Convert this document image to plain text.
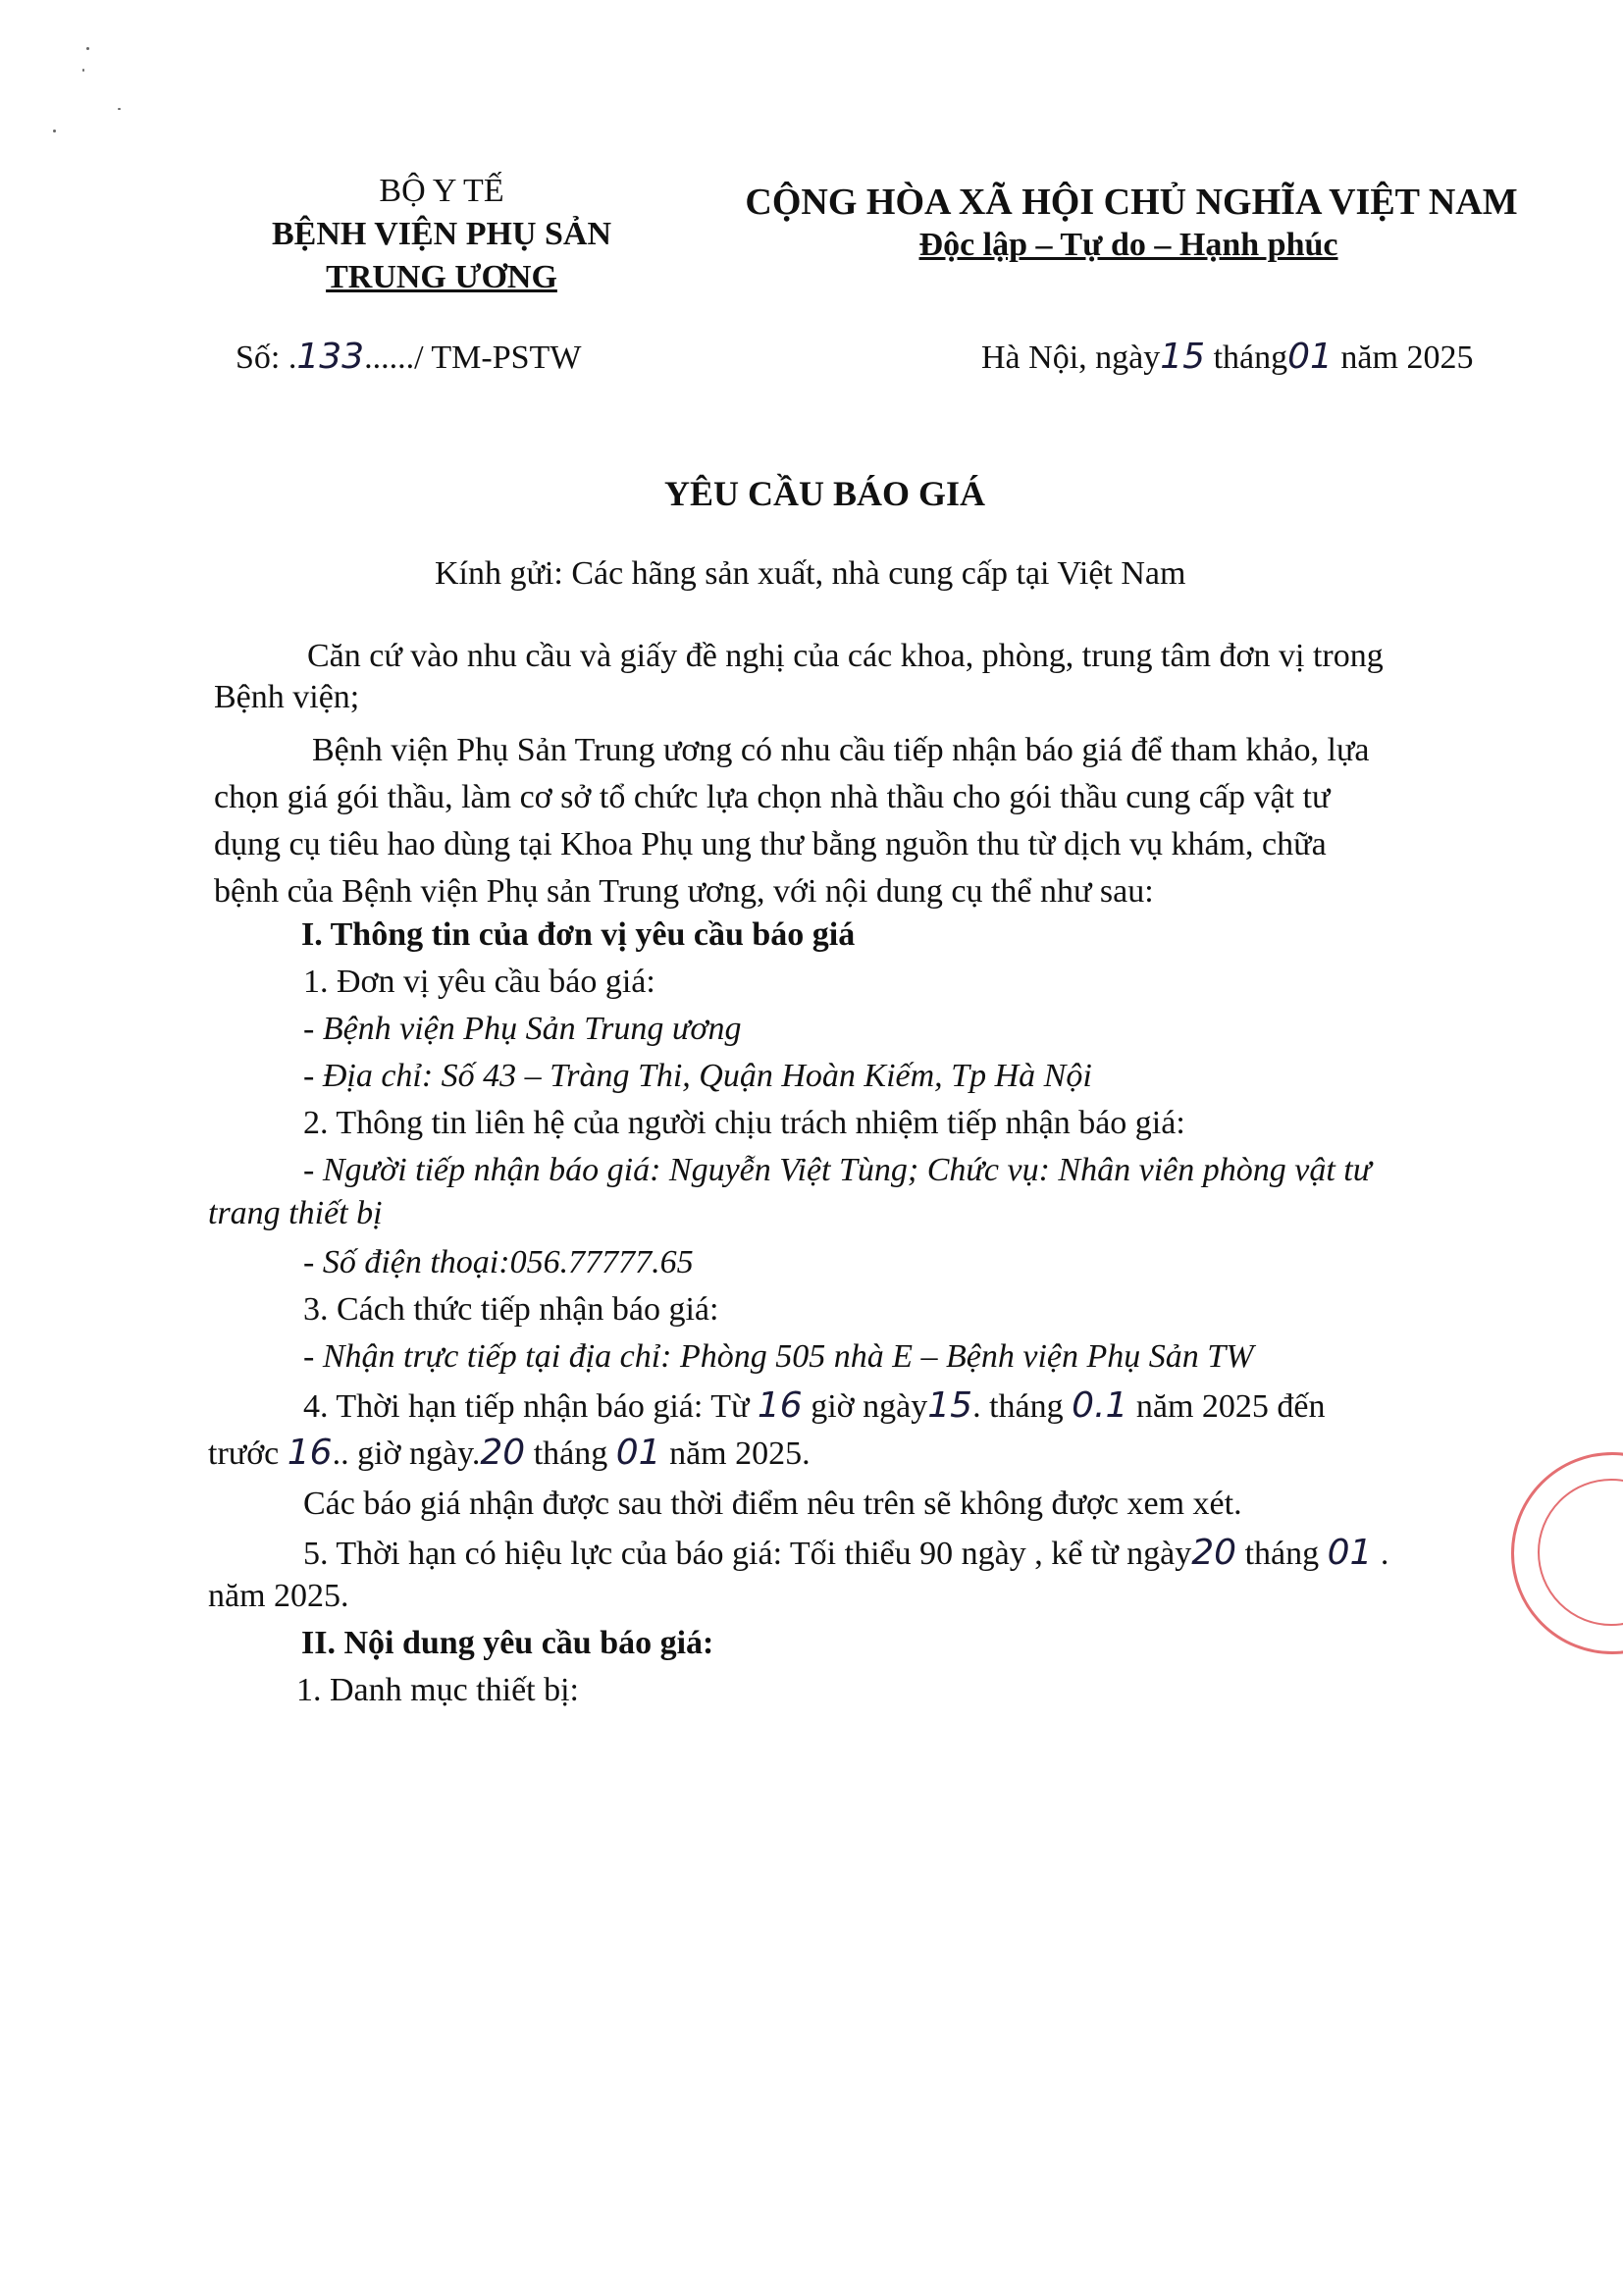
BỘ Y TẾ
BỆNH VIỆN PHỤ SẢN
TRUNG ƯƠNG
Số: .133....../ TM-PSTW
CỘNG HÒA XÃ HỘI CHỦ NGHĨA VIỆT NAM
Độc lập – Tự do – Hạnh phúc
Hà Nội, ngày15 tháng01 năm 2025
YÊU CẦU BÁO GIÁ
Kính gửi: Các hãng sản xuất, nhà cung cấp tại Việt Nam
Căn cứ vào nhu cầu và giấy đề nghị của các khoa, phòng, trung tâm đơn vị trong
Bệnh viện;
Bệnh viện Phụ Sản Trung ương có nhu cầu tiếp nhận báo giá để tham khảo, lựa
chọn giá gói thầu, làm cơ sở tổ chức lựa chọn nhà thầu cho gói thầu cung cấp vật tư
dụng cụ tiêu hao dùng tại Khoa Phụ ung thư bằng nguồn thu từ dịch vụ khám, chữa
bệnh của Bệnh viện Phụ sản Trung ương, với nội dung cụ thể như sau:
I. Thông tin của đơn vị yêu cầu báo giá
1. Đơn vị yêu cầu báo giá:
- Bệnh viện Phụ Sản Trung ương
- Địa chỉ: Số 43 – Tràng Thi, Quận Hoàn Kiếm, Tp Hà Nội
2. Thông tin liên hệ của người chịu trách nhiệm tiếp nhận báo giá:
- Người tiếp nhận báo giá: Nguyễn Việt Tùng; Chức vụ: Nhân viên phòng vật tư
trang thiết bị
- Số điện thoại:056.77777.65
3. Cách thức tiếp nhận báo giá:
- Nhận trực tiếp tại địa chỉ: Phòng 505 nhà E – Bệnh viện Phụ Sản TW
4. Thời hạn tiếp nhận báo giá: Từ 16 giờ ngày15. tháng 0.1 năm 2025 đến
trước 16.. giờ ngày.20 tháng 01 năm 2025.
Các báo giá nhận được sau thời điểm nêu trên sẽ không được xem xét.
5. Thời hạn có hiệu lực của báo giá: Tối thiểu 90 ngày , kể từ ngày20 tháng 01 .
năm 2025.
II. Nội dung yêu cầu báo giá:
1. Danh mục thiết bị:
